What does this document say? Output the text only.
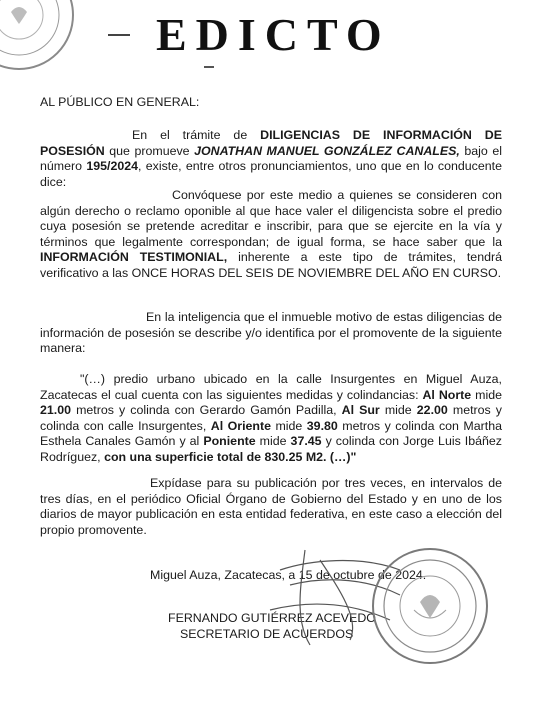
EDICTO
AL PÚBLICO EN GENERAL:
En el trámite de DILIGENCIAS DE INFORMACIÓN DE POSESIÓN que promueve JONATHAN MANUEL GONZÁLEZ CANALES, bajo el número 195/2024, existe, entre otros pronunciamientos, uno que en lo conducente dice:
Convóquese por este medio a quienes se consideren con algún derecho o reclamo oponible al que hace valer el diligencista sobre el predio cuya posesión se pretende acreditar e inscribir, para que se ejercite en la vía y términos que legalmente correspondan; de igual forma, se hace saber que la INFORMACIÓN TESTIMONIAL, inherente a este tipo de trámites, tendrá verificativo a las ONCE HORAS DEL SEIS DE NOVIEMBRE DEL AÑO EN CURSO.
En la inteligencia que el inmueble motivo de estas diligencias de información de posesión se describe y/o identifica por el promovente de la siguiente manera:
"(…) predio urbano ubicado en la calle Insurgentes en Miguel Auza, Zacatecas el cual cuenta con las siguientes medidas y colindancias: Al Norte mide 21.00 metros y colinda con Gerardo Gamón Padilla, Al Sur mide 22.00 metros y colinda con calle Insurgentes, Al Oriente mide 39.80 metros y colinda con Martha Esthela Canales Gamón y al Poniente mide 37.45 y colinda con Jorge Luis Ibáñez Rodríguez, con una superficie total de 830.25 M2. (…)"
Expídase para su publicación por tres veces, en intervalos de tres días, en el periódico Oficial Órgano de Gobierno del Estado y en uno de los diarios de mayor publicación en esta entidad federativa, en este caso a elección del propio promovente.
Miguel Auza, Zacatecas, a 15 de octubre de 2024.
FERNANDO GUTIÉRREZ ACEVEDO
SECRETARIO DE ACUERDOS
